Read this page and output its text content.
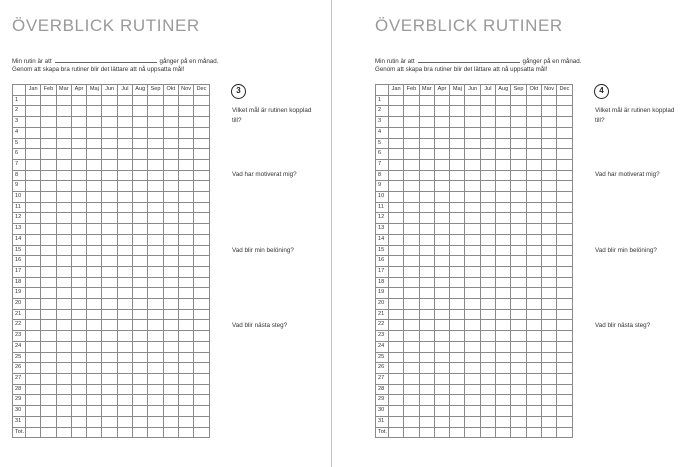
ÖVERBLICK RUTINER
Min rutin är att	gånger på en månad.
Genom att skapa bra rutiner blir det lättare att nå uppsatta mål!
	Jan	Feb	Mar	Apr	Maj	Jun	Jul	Aug	Sep	Okt	Nov	Dec
1												
2												
3												
4												
5												
6												
7												
8												
9												
10												
11												
12												
13												
14												
15												
16												
17												
18												
19												
20												
21												
22												
23												
24												
25												
26												
27												
28												
29												
30												
31												
Tot.												
3
Vilket mål är rutinen kopplad till?
Vad har motiverat mig?
Vad blir min belöning?
Vad blir nästa steg?
ÖVERBLICK RUTINER
Min rutin är att	gånger på en månad.
Genom att skapa bra rutiner blir det lättare att nå uppsatta mål!
	Jan	Feb	Mar	Apr	Maj	Jun	Jul	Aug	Sep	Okt	Nov	Dec
1												
2												
3												
4												
5												
6												
7												
8												
9												
10												
11												
12												
13												
14												
15												
16												
17												
18												
19												
20												
21												
22												
23												
24												
25												
26												
27												
28												
29												
30												
31												
Tot.												
4
Vilket mål är rutinen kopplad till?
Vad har motiverat mig?
Vad blir min belöning?
Vad blir nästa steg?
